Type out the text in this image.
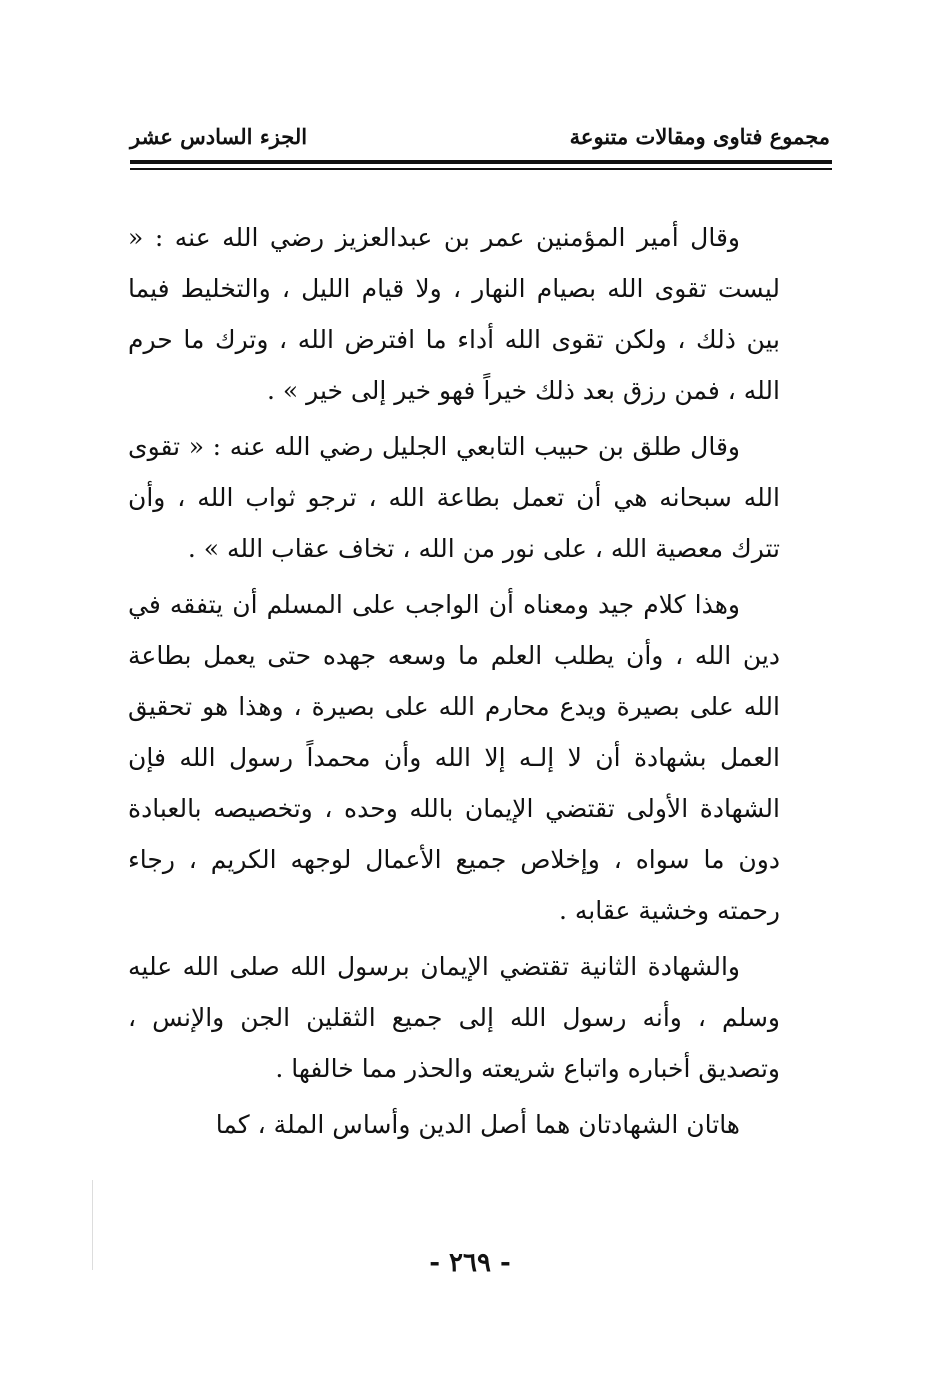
مجموع فتاوى ومقالات متنوعة
الجزء السادس عشر

وقال أمير المؤمنين عمر بن عبدالعزيز رضي الله عنه : « ليست تقوى الله بصيام النهار ، ولا قيام الليل ، والتخليط فيما بين ذلك ، ولكن تقوى الله أداء ما افترض الله ، وترك ما حرم الله ، فمن رزق بعد ذلك خيراً فهو خير إلى خير » .

وقال طلق بن حبيب التابعي الجليل رضي الله عنه : « تقوى الله سبحانه هي أن تعمل بطاعة الله ، ترجو ثواب الله ، وأن تترك معصية الله ، على نور من الله ، تخاف عقاب الله » .

وهذا كلام جيد ومعناه أن الواجب على المسلم أن يتفقه في دين الله ، وأن يطلب العلم ما وسعه جهده حتى يعمل بطاعة الله على بصيرة ويدع محارم الله على بصيرة ، وهذا هو تحقيق العمل بشهادة أن لا إلـه إلا الله وأن محمداً رسول الله فإن الشهادة الأولى تقتضي الإيمان بالله وحده ، وتخصيصه بالعبادة دون ما سواه ، وإخلاص جميع الأعمال لوجهه الكريم ، رجاء رحمته وخشية عقابه .

والشهادة الثانية تقتضي الإيمان برسول الله صلى الله عليه وسلم ، وأنه رسول الله إلى جميع الثقلين الجن والإنس ، وتصديق أخباره واتباع شريعته والحذر مما خالفها .

هاتان الشهادتان هما أصل الدين وأساس الملة ، كما

- ٢٦٩ -
